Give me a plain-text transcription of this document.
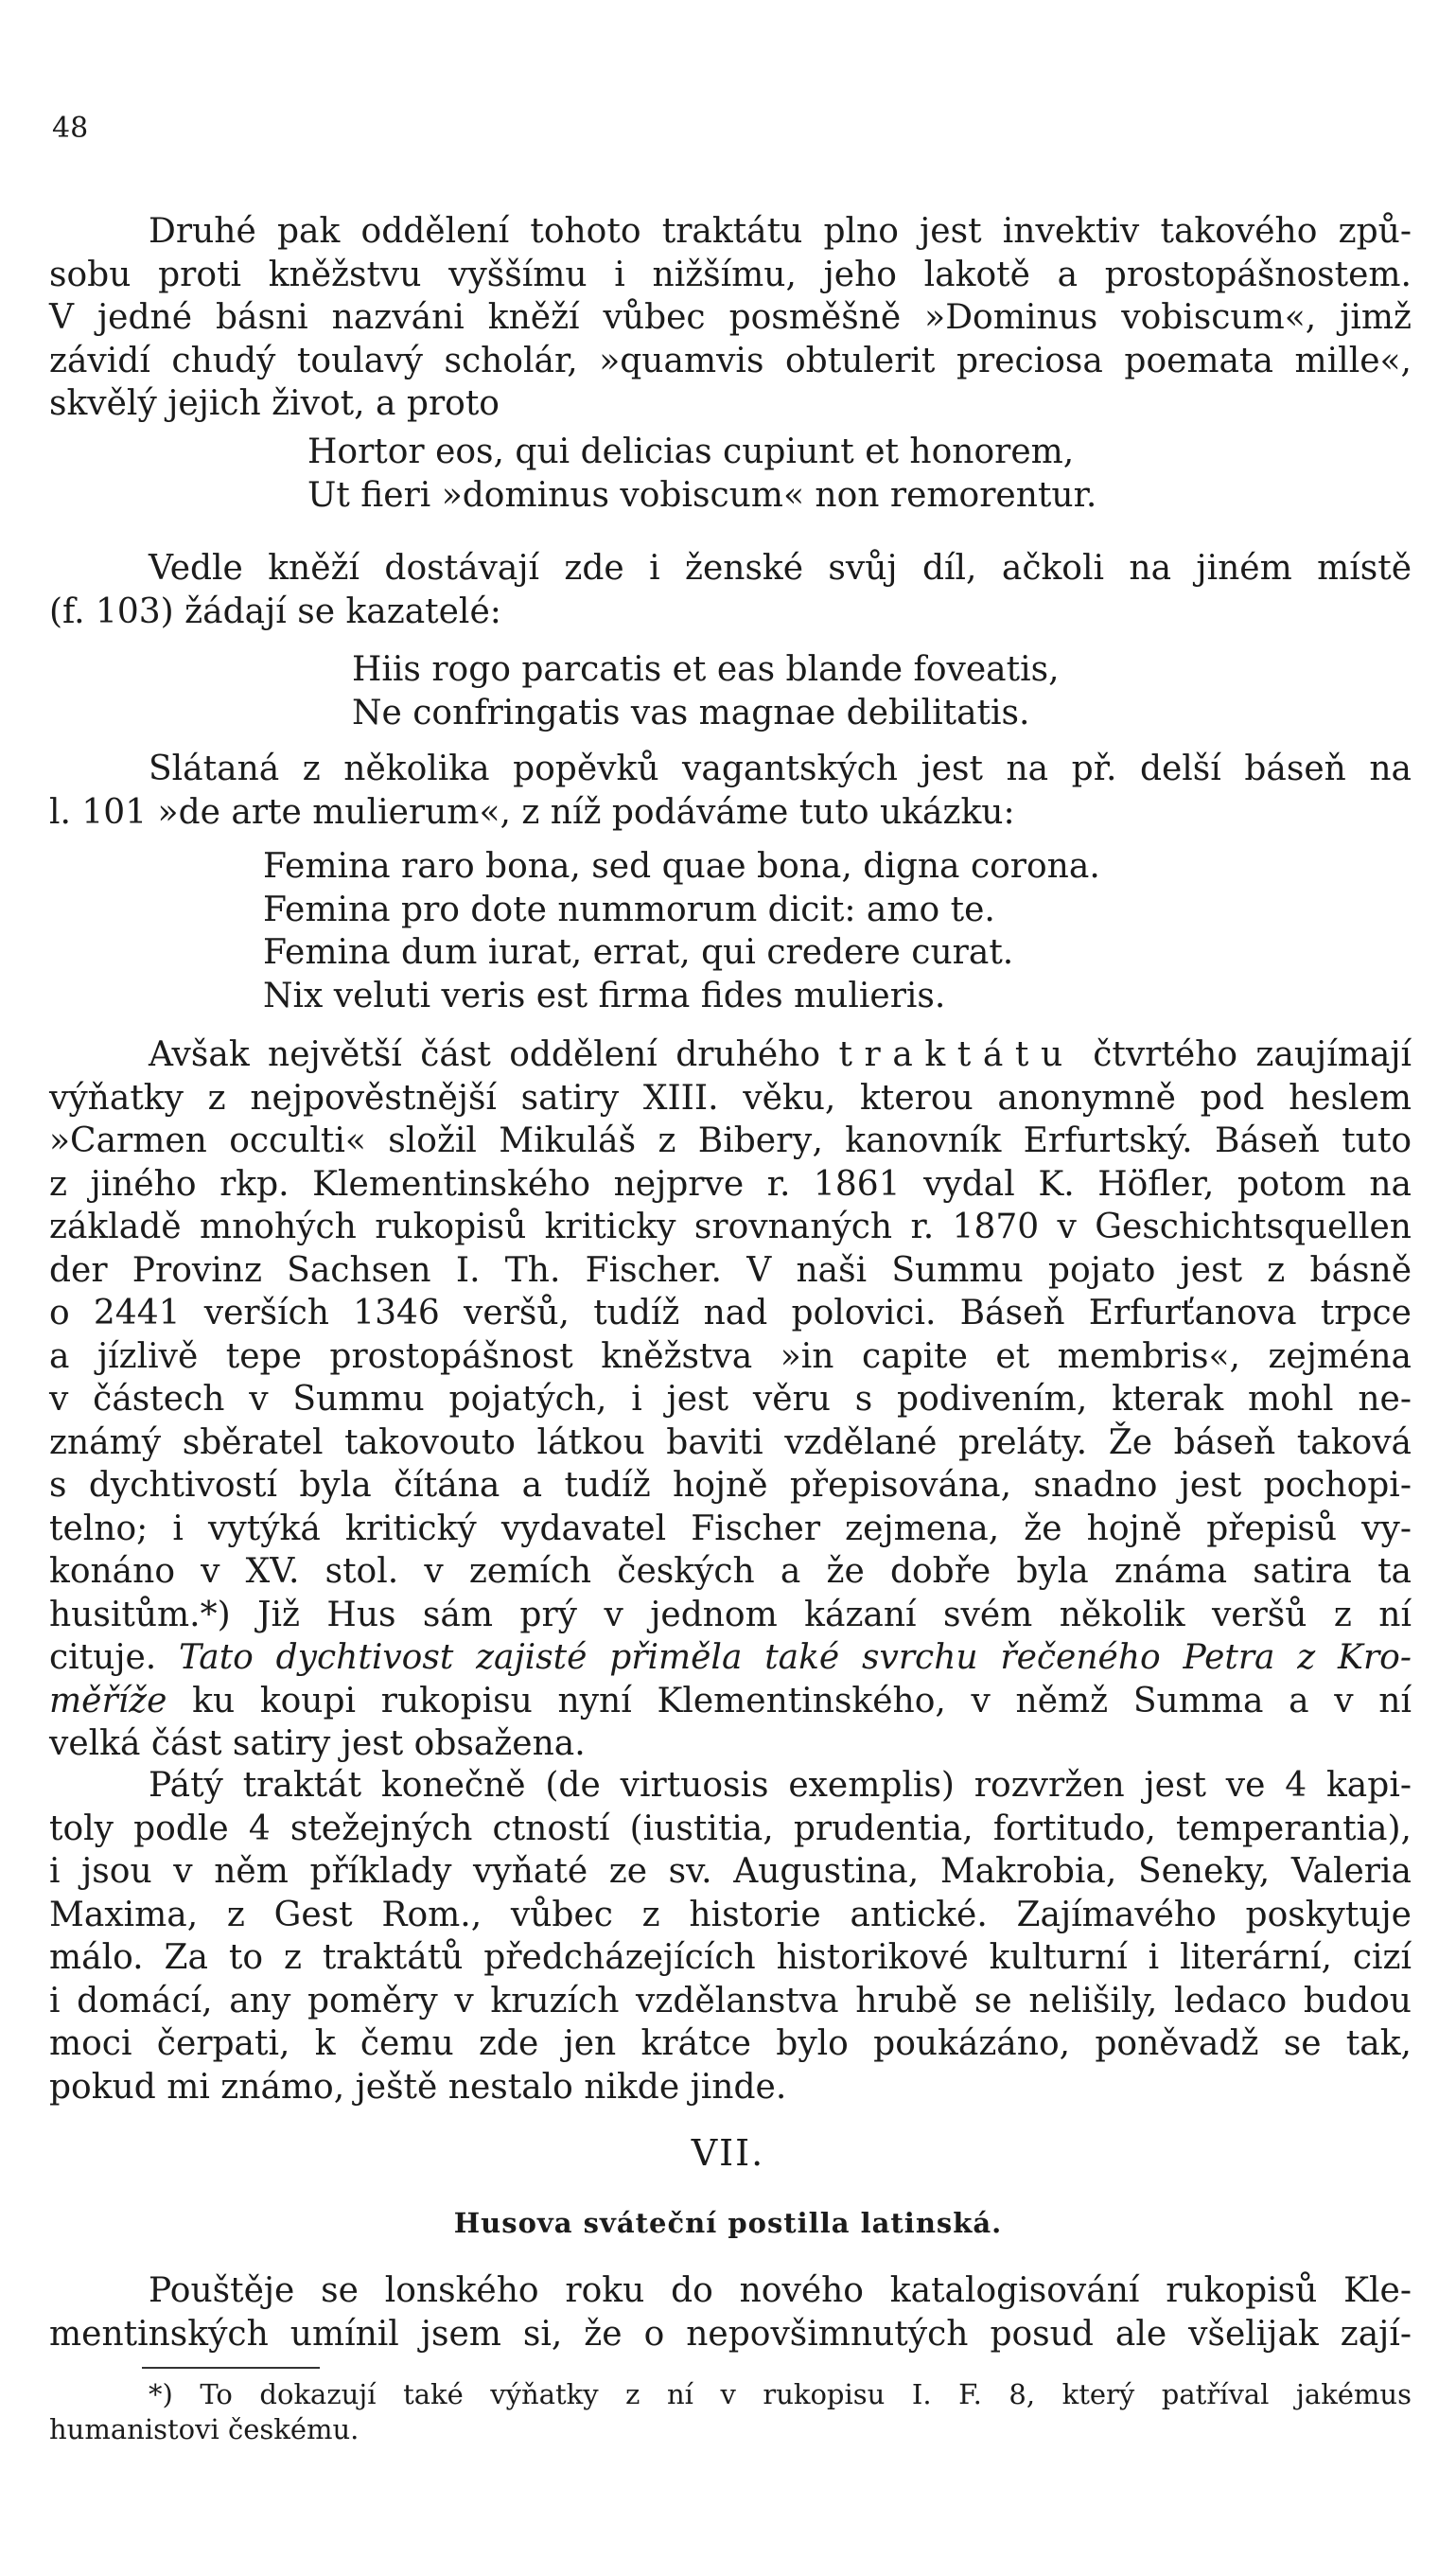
48
Druhé pak oddělení tohoto traktátu plno jest invektiv takového způ-
sobu proti kněžstvu vyššímu i nižšímu, jeho lakotě a prostopášnostem.
V jedné básni nazváni kněží vůbec posměšně »Dominus vobiscum«, jimž
závidí chudý toulavý scholár, »quamvis obtulerit preciosa poemata mille«,
skvělý jejich život, a proto
Hortor eos, qui delicias cupiunt et honorem,
Ut fieri »dominus vobiscum« non remorentur.
Vedle kněží dostávají zde i ženské svůj díl, ačkoli na jiném místě
(f. 103) žádají se kazatelé:
Hiis rogo parcatis et eas blande foveatis,
Ne confringatis vas magnae debilitatis.
Slátaná z několika popěvků vagantských jest na př. delší báseň na
l. 101 »de arte mulierum«, z níž podáváme tuto ukázku:
Femina raro bona, sed quae bona, digna corona.
Femina pro dote nummorum dicit: amo te.
Femina dum iurat, errat, qui credere curat.
Nix veluti veris est firma fides mulieris.
Avšak největší část oddělení druhého traktátu čtvrtého zaujímají
výňatky z nejpověstnější satiry XIII. věku, kterou anonymně pod heslem
»Carmen occulti« složil Mikuláš z Biberу, kanovník Erfurtský. Báseň tuto
z jiného rkp. Klementinského nejprve r. 1861 vydal K. Höfler, potom na
základě mnohých rukopisů kriticky srovnaných r. 1870 v Geschichtsquellen
der Provinz Sachsen I. Th. Fischer. V naši Summu pojato jest z básně
o 2441 verších 1346 veršů, tudíž nad polovici. Báseň Erfurťanova trpce
a jízlivě tepe prostopášnost kněžstva »in capite et membris«, zejména
v částech v Summu pojatých, i jest věru s podivením, kterak mohl ne-
známý sběratel takovouto látkou baviti vzdělané preláty. Že báseň taková
s dychtivostí byla čítána a tudíž hojně přepisována, snadno jest pochopi-
telno; i vytýká kritický vydavatel Fischer zejmena, že hojně přepisů vy-
konáno v XV. stol. v zemích českých a že dobře byla známa satira ta
husitům.*) Již Hus sám prý v jednom kázaní svém několik veršů z ní
cituje. Tato dychtivost zajisté přiměla také svrchu řečeného Petra z Kro-
měříže ku koupi rukopisu nyní Klementinského, v němž Summa a v ní
velká část satiry jest obsažena.
Pátý traktát konečně (de virtuosis exemplis) rozvržen jest ve 4 kapi-
toly podle 4 stežejných ctností (iustitia, prudentia, fortitudo, temperantia),
i jsou v něm příklady vyňaté ze sv. Augustina, Makrobia, Seneky, Valeria
Maxima, z Gest Rom., vůbec z historie antické. Zajímavého poskytuje
málo. Za to z traktátů předcházejících historikové kulturní i literární, cizí
i domácí, any poměry v kruzích vzdělanstva hrubě se nelišily, ledaco budou
moci čerpati, k čemu zde jen krátce bylo poukázáno, poněvadž se tak,
pokud mi známo, ještě nestalo nikde jinde.
VII.
Husova sváteční postilla latinská.
Pouštěje se lonského roku do nového katalogisování rukopisů Kle-
mentinských umínil jsem si, že o nepovšimnutých posud ale všelijak zají-
*) To dokazují také výňatky z ní v rukopisu I. F. 8, který patříval jakémus
humanistovi českému.
